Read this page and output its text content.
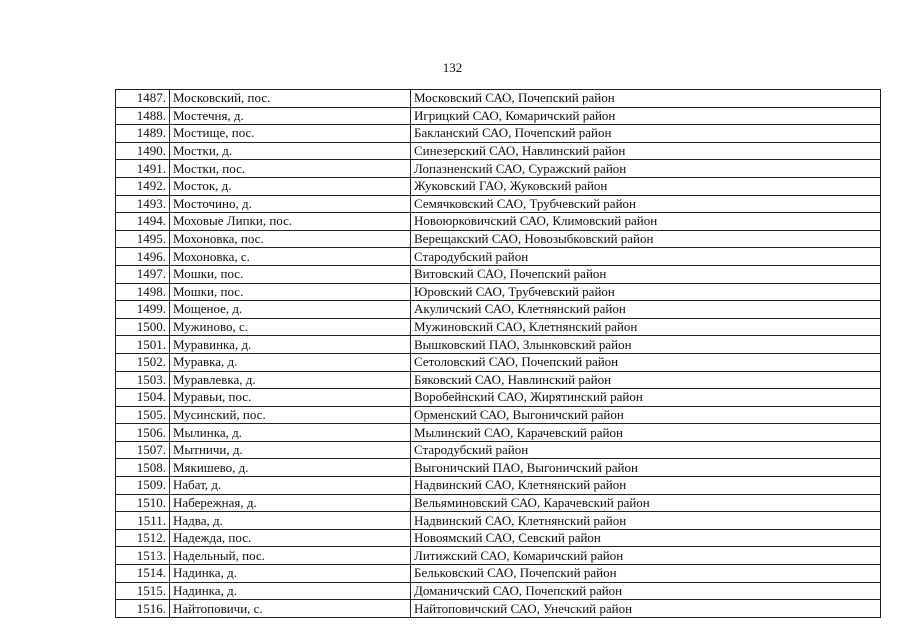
132
1487.	Московский, пос.	Московский САО, Почепский район
1488.	Мостечня, д.	Игрицкий САО, Комаричский район
1489.	Мостище, пос.	Бакланский САО, Почепский район
1490.	Мостки, д.	Синезерский САО, Навлинский район
1491.	Мостки, пос.	Лопазненский САО, Суражский район
1492.	Мосток, д.	Жуковский ГАО, Жуковский район
1493.	Мосточино, д.	Семячковский САО, Трубчевский район
1494.	Моховые Липки, пос.	Новоюрковичский САО, Климовский район
1495.	Мохоновка, пос.	Верещакский САО, Новозыбковский район
1496.	Мохоновка, с.	Стародубский район
1497.	Мошки, пос.	Витовский САО, Почепский район
1498.	Мошки, пос.	Юровский САО, Трубчевский район
1499.	Мощеное, д.	Акуличский САО, Клетнянский район
1500.	Мужиново, с.	Мужиновский САО, Клетнянский район
1501.	Муравинка, д.	Вышковский ПАО, Злынковский район
1502.	Муравка, д.	Сетоловский САО, Почепский район
1503.	Муравлевка, д.	Бяковский САО, Навлинский район
1504.	Муравьи, пос.	Воробейнский САО, Жирятинский район
1505.	Мусинский, пос.	Орменский САО, Выгоничский район
1506.	Мылинка, д.	Мылинский САО, Карачевский район
1507.	Мытничи, д.	Стародубский район
1508.	Мякишево, д.	Выгоничский ПАО, Выгоничский район
1509.	Набат, д.	Надвинский САО, Клетнянский район
1510.	Набережная, д.	Вельяминовский САО, Карачевский район
1511.	Надва, д.	Надвинский САО, Клетнянский район
1512.	Надежда, пос.	Новоямский САО, Севский район
1513.	Надельный, пос.	Литижский САО, Комаричский район
1514.	Надинка, д.	Бельковский САО, Почепский район
1515.	Надинка, д.	Доманичский САО, Почепский район
1516.	Найтоповичи, с.	Найтоповичский САО, Унечский район
